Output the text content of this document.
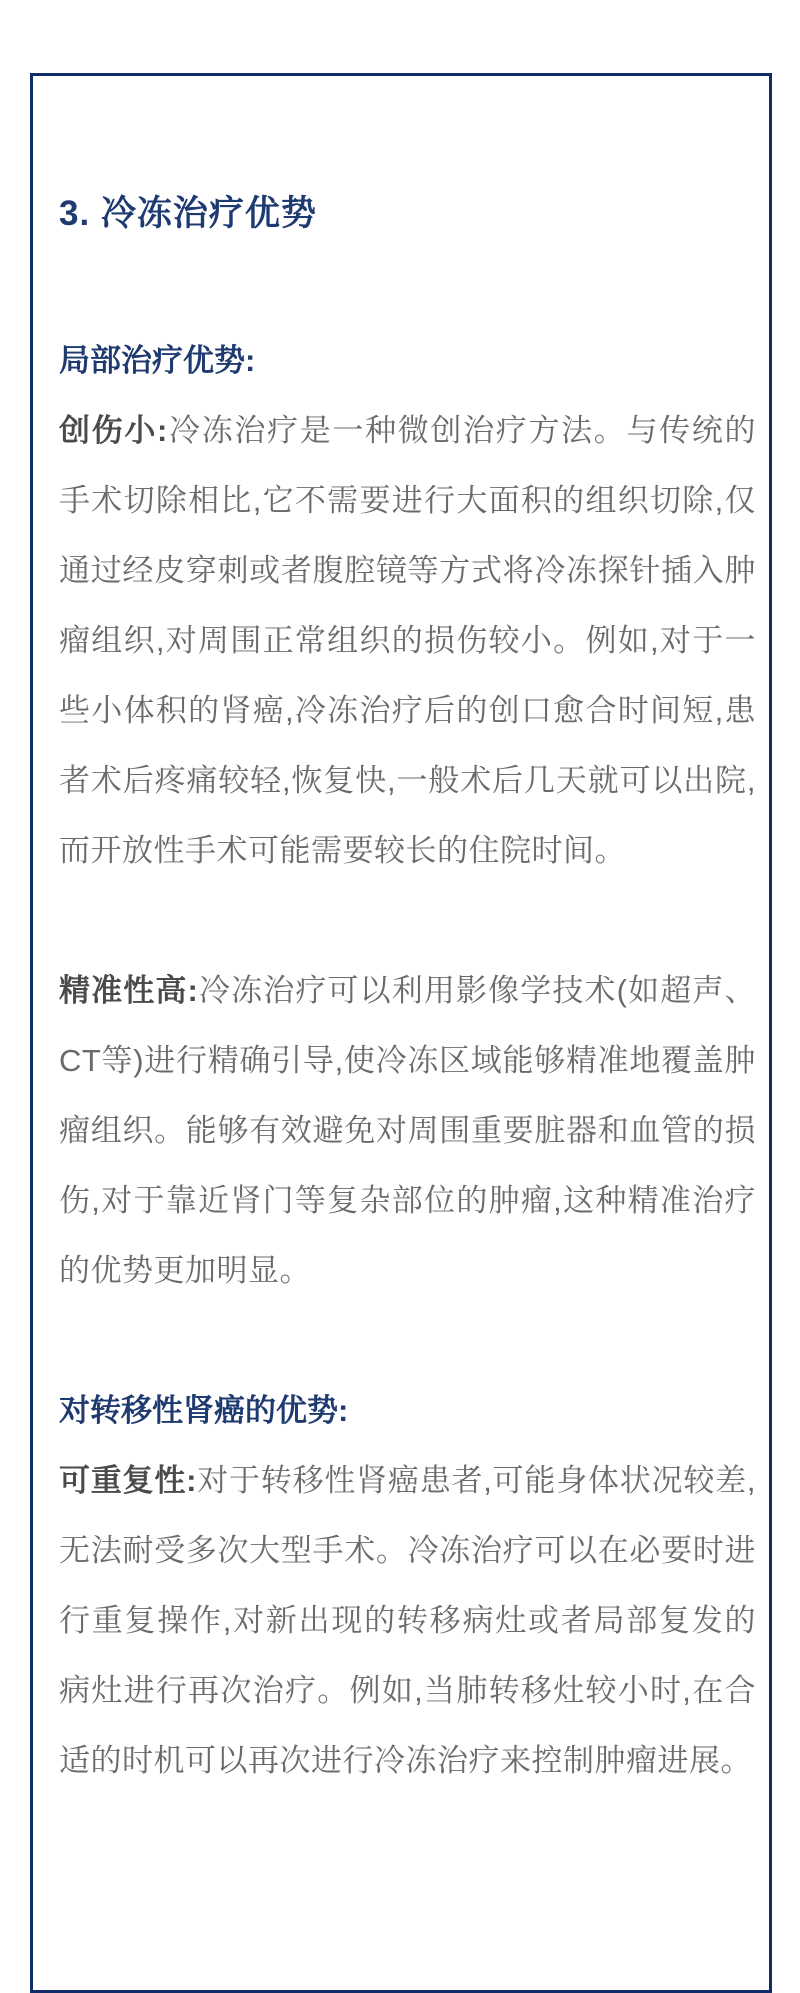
3. 冷冻治疗优势
局部治疗优势:

创伤小:冷冻治疗是一种微创治疗方法。与传统的手术切除相比,它不需要进行大面积的组织切除,仅通过经皮穿刺或者腹腔镜等方式将冷冻探针插入肿瘤组织,对周围正常组织的损伤较小。例如,对于一些小体积的肾癌,冷冻治疗后的创口愈合时间短,患者术后疼痛较轻,恢复快,一般术后几天就可以出院,而开放性手术可能需要较长的住院时间。

精准性高:冷冻治疗可以利用影像学技术(如超声、CT等)进行精确引导,使冷冻区域能够精准地覆盖肿瘤组织。能够有效避免对周围重要脏器和血管的损伤,对于靠近肾门等复杂部位的肿瘤,这种精准治疗的优势更加明显。

对转移性肾癌的优势:

可重复性:对于转移性肾癌患者,可能身体状况较差,无法耐受多次大型手术。冷冻治疗可以在必要时进行重复操作,对新出现的转移病灶或者局部复发的病灶进行再次治疗。例如,当肺转移灶较小时,在合适的时机可以再次进行冷冻治疗来控制肿瘤进展。
